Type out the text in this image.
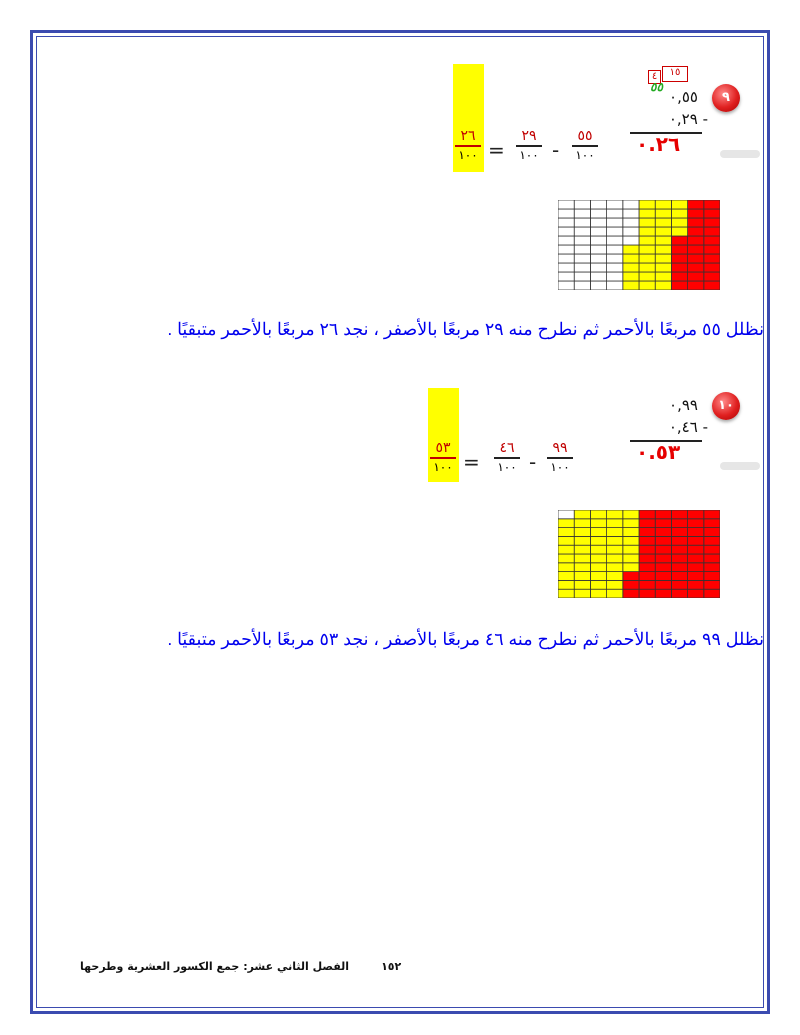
٩
٤	١٥
٥٥
٠,٥٥
٠,٢٩ -
٠.٢٦
٢٦
١٠٠ =
٢٩
١٠٠ -
٥٥
١٠٠
نظلل ٥٥ مربعًا بالأحمر ثم نطرح منه ٢٩ مربعًا بالأصفر ، نجد ٢٦ مربعًا بالأحمر متبقيًا .
١٠
٠,٩٩
٠,٤٦ -
٠.٥٣
٥٣
١٠٠ =
٤٦
١٠٠ -
٩٩
١٠٠
نظلل ٩٩ مربعًا بالأحمر ثم نطرح منه ٤٦ مربعًا بالأصفر ، نجد ٥٣ مربعًا بالأحمر متبقيًا .
١٥٢الفصل الثاني عشر: جمع الكسور العشرية وطرحها
